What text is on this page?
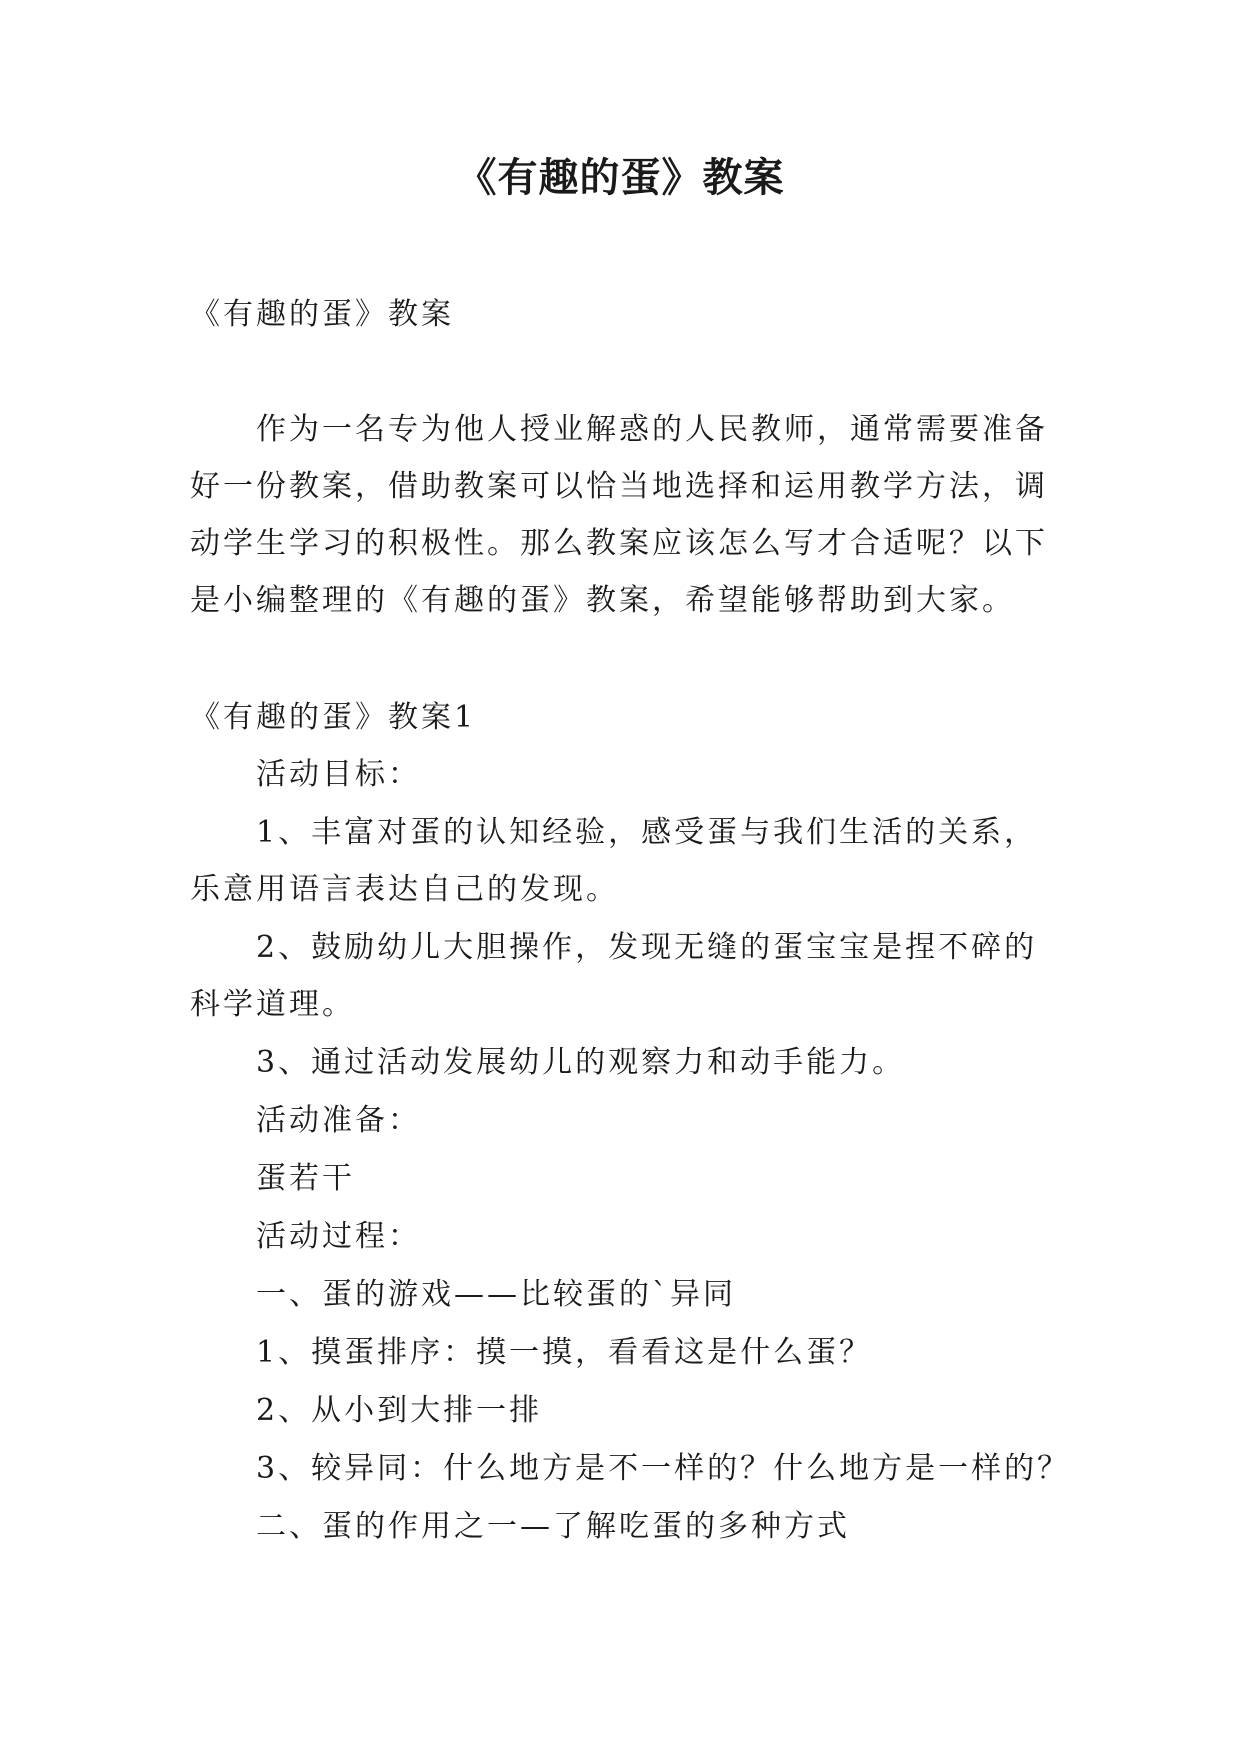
《有趣的蛋》教案

《有趣的蛋》教案

作为一名专为他人授业解惑的人民教师，通常需要准备

好一份教案，借助教案可以恰当地选择和运用教学方法，调

动学生学习的积极性。那么教案应该怎么写才合适呢？以下

是小编整理的《有趣的蛋》教案，希望能够帮助到大家。

《有趣的蛋》教案1

活动目标：

1、丰富对蛋的认知经验，感受蛋与我们生活的关系，

乐意用语言表达自己的发现。

2、鼓励幼儿大胆操作，发现无缝的蛋宝宝是捏不碎的

科学道理。

3、通过活动发展幼儿的观察力和动手能力。

活动准备：

蛋若干

活动过程：

一、蛋的游戏——比较蛋的`异同

1、摸蛋排序：摸一摸，看看这是什么蛋？

2、从小到大排一排

3、较异同：什么地方是不一样的？什么地方是一样的？

二、蛋的作用之一—了解吃蛋的多种方式
